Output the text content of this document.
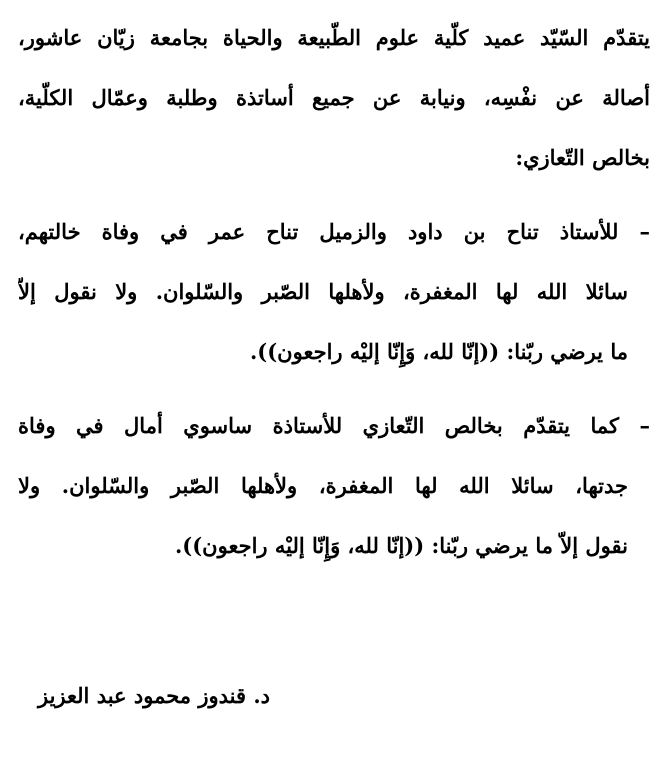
يتقدّم السّيّد عميد كلّية علوم الطّبيعة والحياة بجامعة زيّان عاشور،
أصالة عن نفْسِه، ونيابة عن جميع أساتذة وطلبة وعمّال الكلّية،
بخالص التّعازي:
– للأستاذ تناح بن داود والزميل تناح عمر في وفاة خالتهم،
سائلا الله لها المغفرة، ولأهلها الصّبر والسّلوان. ولا نقول إلاّ
ما يرضي ربّنا: ((إنّا لله، وَإِنّا إليْه راجعون)).
– كما يتقدّم بخالص التّعازي للأستاذة ساسوي أمال في وفاة
جدتها، سائلا الله لها المغفرة، ولأهلها الصّبر والسّلوان. ولا
نقول إلاّ ما يرضي ربّنا: ((إنّا لله، وَإِنّا إليْه راجعون)).
د. قندوز محمود عبد العزيز
